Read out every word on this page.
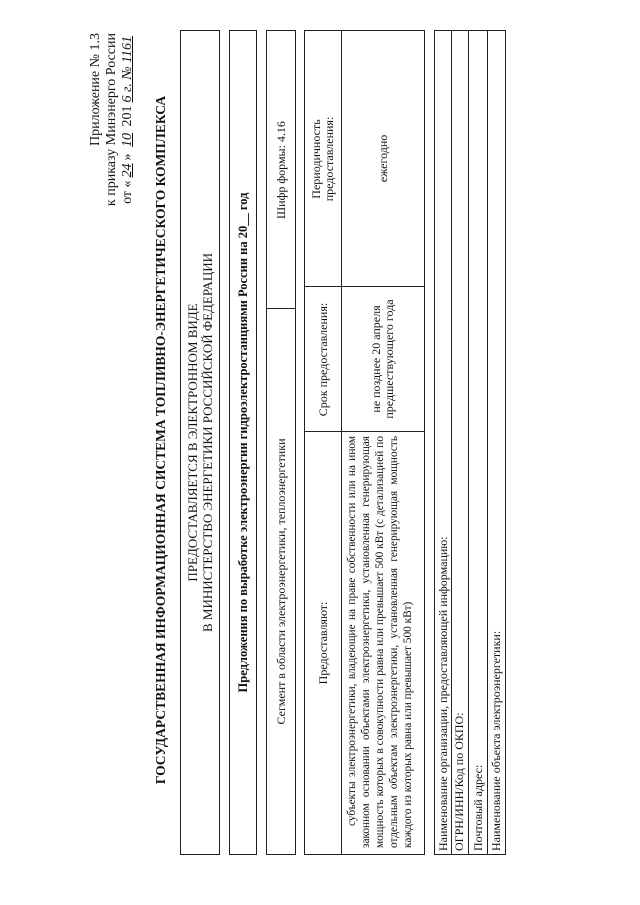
Приложение № 1.3 к приказу Минэнерго России от «24» 10 2016 г. № 1161
ГОСУДАРСТВЕННАЯ ИНФОРМАЦИОННАЯ СИСТЕМА ТОПЛИВНО-ЭНЕРГЕТИЧЕСКОГО КОМПЛЕКСА ПРЕДОСТАВЛЯЕТСЯ В ЭЛЕКТРОННОМ ВИДЕ В МИНИСТЕРСТВО ЭНЕРГЕТИКИ РОССИЙСКОЙ ФЕДЕРАЦИИ Предложения по выработке электроэнергии гидроэлектростанциями России на 20__ год Сегмент в области электроэнергетики, теплоэнергетики
Шифр формы: 4.16
Предоставляют:
Срок предоставления:
Периодичность предоставления:
субъекты электроэнергетики, владеющие на праве собственности или на ином законном основании объектами электроэнергетики, установленная генерирующая мощность которых в совокупности равна или превышает 500 кВт (с детализацией по отдельным объектам электроэнергетики, установленная генерирующая мощность каждого из которых равна или превышает 500 кВт)
не позднее 20 апреля предшествующего года
ежегодно
Наименование организации, предоставляющей информацию: ОГРН/ИНН/Код по ОКПО: Почтовый адрес: Наименование объекта электроэнергетики:
